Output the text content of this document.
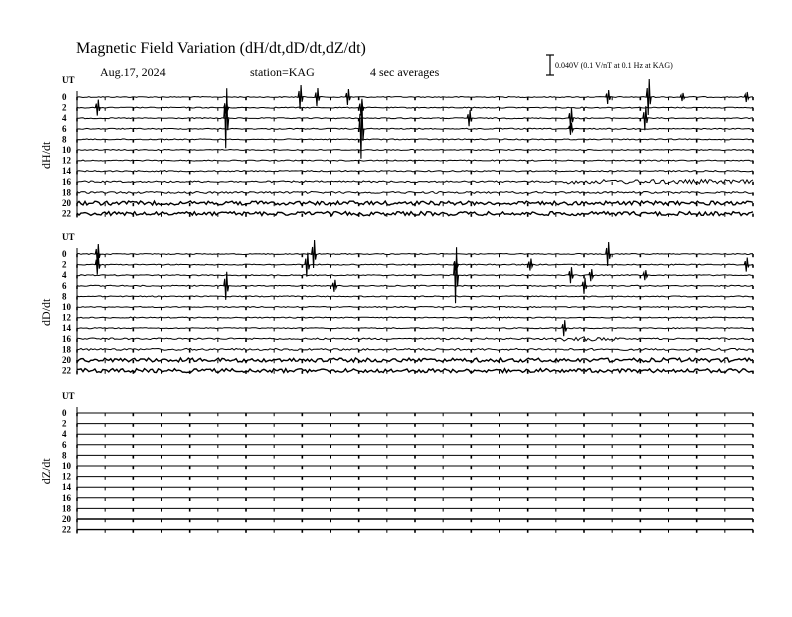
Magnetic Field Variation (dH/dt,dD/dt,dZ/dt)
Aug.17, 2024	station=KAG	4 sec averages	0.040V (0.1 V/nT at 0.1 Hz at KAG)
UT
dH/dt
0
2
4
6
8
10
12
14
16
18
20
22
UT
dD/dt
0
2
4
6
8
10
12
14
16
18
20
22
UT
dZ/dt
0
2
4
6
8
10
12
14
16
18
20
22
